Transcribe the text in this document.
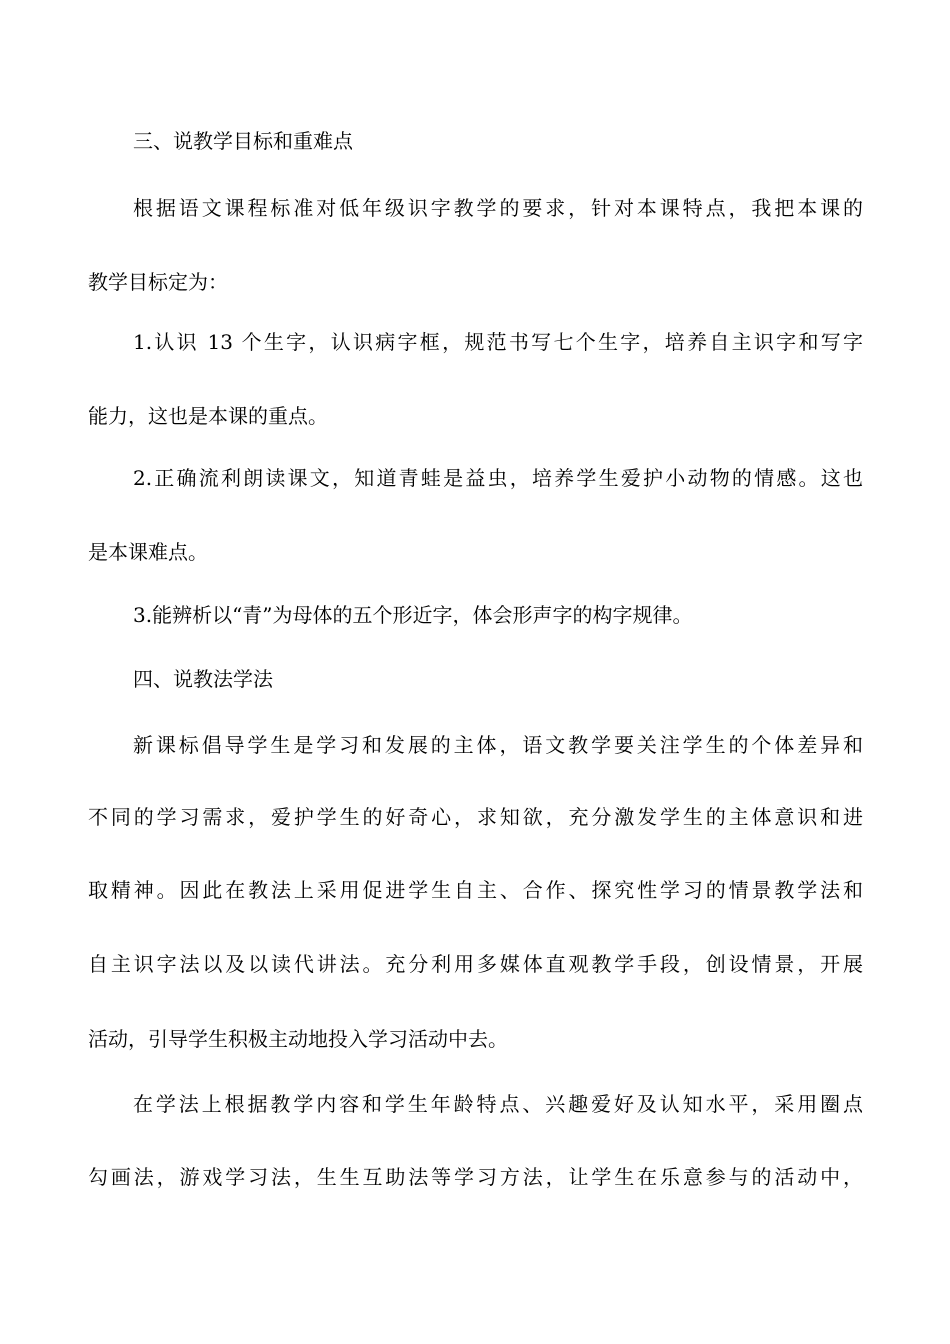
三、说教学目标和重难点

根据语文课程标准对低年级识字教学的要求，针对本课特点，我把本课的

教学目标定为：

1.认识 13 个生字，认识病字框，规范书写七个生字，培养自主识字和写字

能力，这也是本课的重点。

2.正确流利朗读课文，知道青蛙是益虫，培养学生爱护小动物的情感。这也

是本课难点。

3.能辨析以“青”为母体的五个形近字，体会形声字的构字规律。

四、说教法学法

新课标倡导学生是学习和发展的主体，语文教学要关注学生的个体差异和

不同的学习需求，爱护学生的好奇心，求知欲，充分激发学生的主体意识和进

取精神。因此在教法上采用促进学生自主、合作、探究性学习的情景教学法和

自主识字法以及以读代讲法。充分利用多媒体直观教学手段，创设情景，开展

活动，引导学生积极主动地投入学习活动中去。

在学法上根据教学内容和学生年龄特点、兴趣爱好及认知水平，采用圈点

勾画法，游戏学习法，生生互助法等学习方法，让学生在乐意参与的活动中，
